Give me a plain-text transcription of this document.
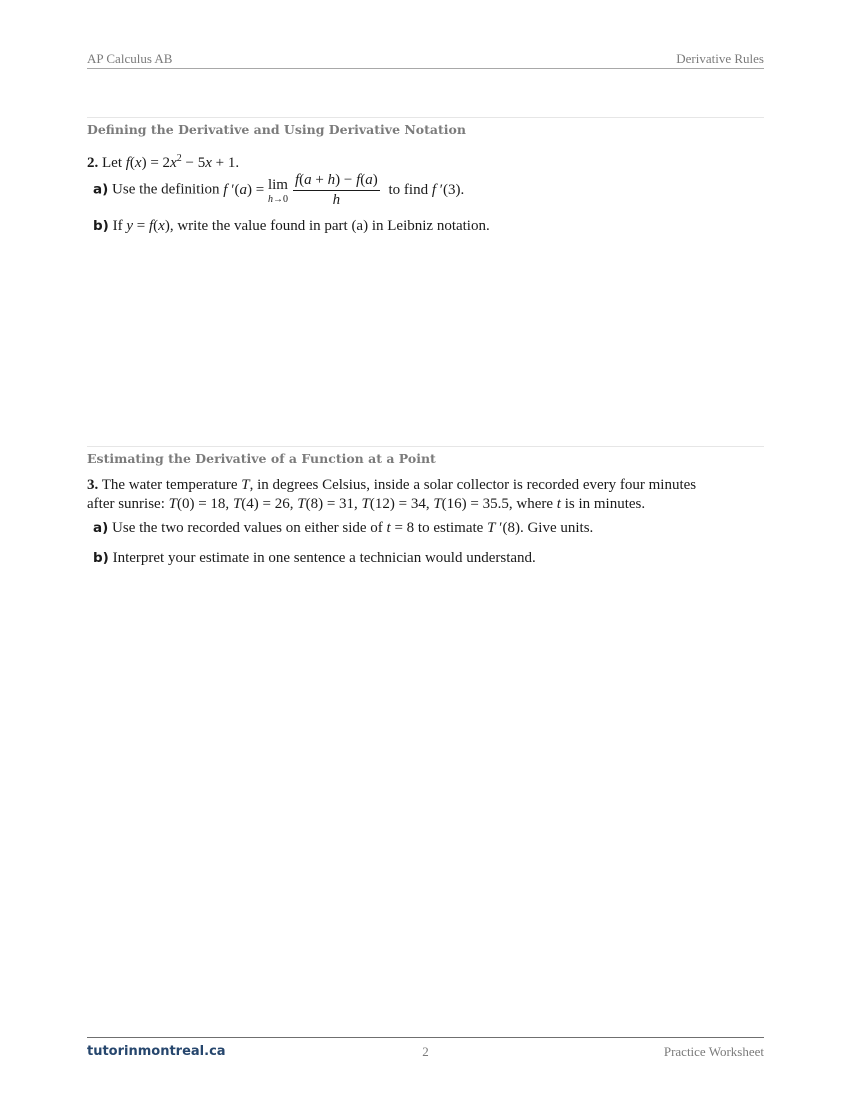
AP Calculus AB	Derivative Rules
Defining the Derivative and Using Derivative Notation
2. Let $f(x) = 2x^2 - 5x + 1$.
a) Use the definition f ′(a) = lim
$h\to 0 \frac{f(a + h) - f(a)}{h}$ to find f ′(3).
b) If y = f(x), write the value found in part (a) in Leibniz notation.
Estimating the Derivative of a Function at a Point
3. The water temperature T, in degrees Celsius, inside a solar collector is recorded every four minutes
after sunrise: T(0) = 18, T(4) = 26, T(8) = 31, T(12) = 34, T(16) = 35.5, where t is in minutes.
a) Use the two recorded values on either side of t = 8 to estimate T ′(8). Give units.
b) Interpret your estimate in one sentence a technician would understand.
tutorinmontreal.ca	2	Practice Worksheet
